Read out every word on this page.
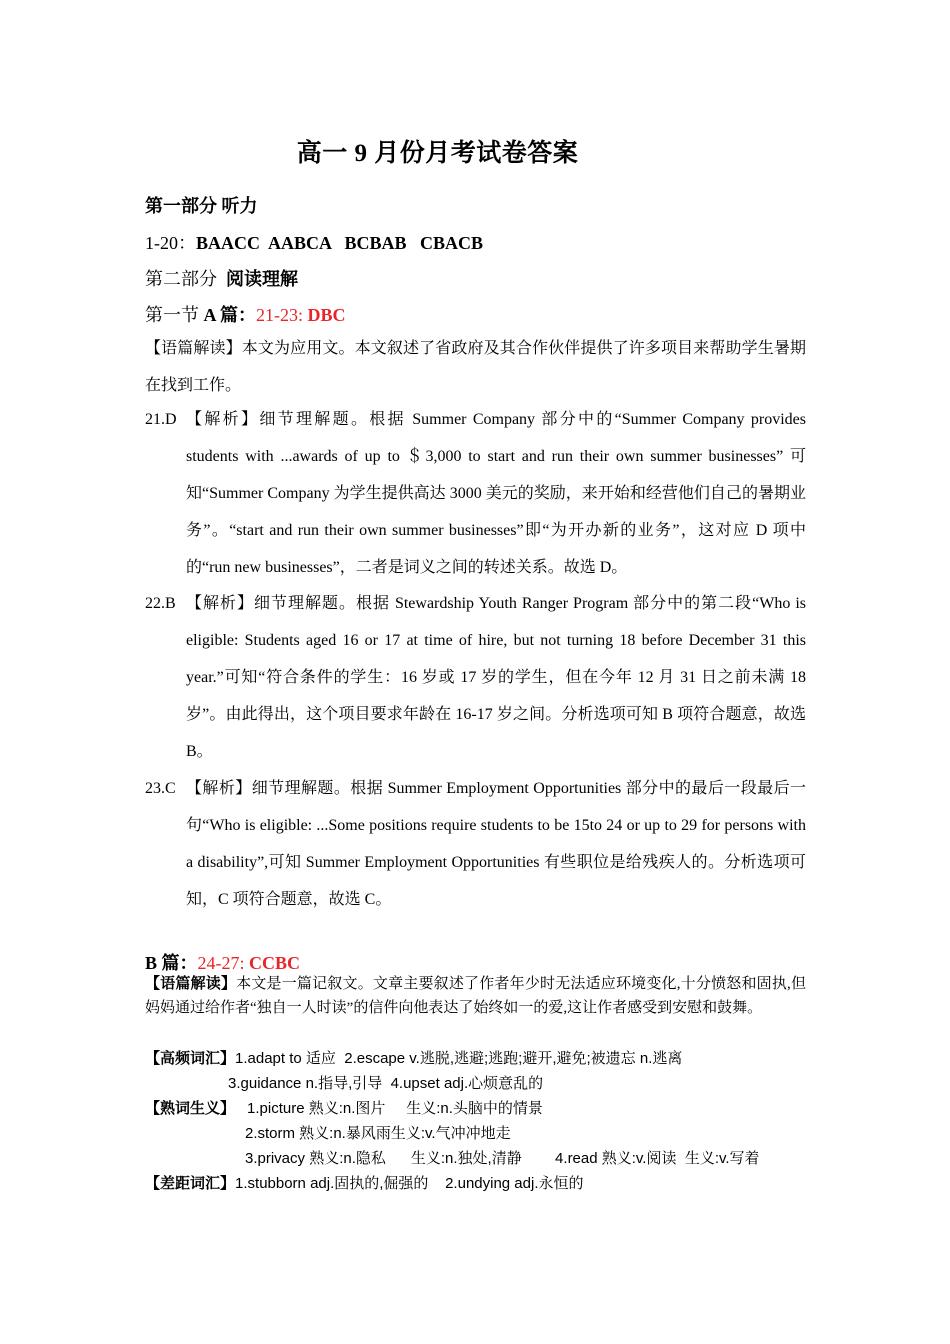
高一 9 月份月考试卷答案
第一部分 听力
1-20：BAACC  AABCA   BCBAB   CBACB
第二部分  阅读理解
第一节 A 篇：21-23: DBC
【语篇解读】本文为应用文。本文叙述了省政府及其合作伙伴提供了许多项目来帮助学生暑期在找到工作。
21.D 【解析】细节理解题。根据 Summer Company 部分中的“Summer Company provides students with ...awards of up to ＄3,000 to start and run their own summer businesses” 可知“Summer Company 为学生提供高达 3000 美元的奖励，来开始和经营他们自己的暑期业务”。“start and run their own summer businesses”即“为开办新的业务”，这对应 D 项中的“run new businesses”，二者是词义之间的转述关系。故选 D。
22.B 【解析】细节理解题。根据 Stewardship Youth Ranger Program 部分中的第二段“Who is eligible: Students aged 16 or 17 at time of hire, but not turning 18 before December 31 this year.”可知“符合条件的学生：16 岁或 17 岁的学生，但在今年 12 月 31 日之前未满 18 岁”。由此得出，这个项目要求年龄在 16-17 岁之间。分析选项可知 B 项符合题意，故选 B。
23.C 【解析】细节理解题。根据 Summer Employment Opportunities 部分中的最后一段最后一句“Who is eligible: ...Some positions require students to be 15to 24 or up to 29 for persons with a disability”,可知 Summer Employment Opportunities 有些职位是给残疾人的。分析选项可知，C 项符合题意，故选 C。
B 篇：24-27: CCBC
【语篇解读】本文是一篇记叙文。文章主要叙述了作者年少时无法适应环境变化,十分愤怒和固执,但妈妈通过给作者“独自一人时读”的信件向他表达了始终如一的爱,这让作者感受到安慰和鼓舞。
【高频词汇】1.adapt to 适应  2.escape v.逃脱,逃避;逃跑;避开,避免;被遗忘 n.逃离
3.guidance n.指导,引导  4.upset adj.心烦意乱的
【熟词生义】 1.picture 熟义:n.图片     生义:n.头脑中的情景
2.storm 熟义:n.暴风雨生义:v.气冲冲地走
3.privacy 熟义:n.隐私      生义:n.独处,清静        4.read 熟义:v.阅读  生义:v.写着
【差距词汇】1.stubborn adj.固执的,倔强的    2.undying adj.永恒的
